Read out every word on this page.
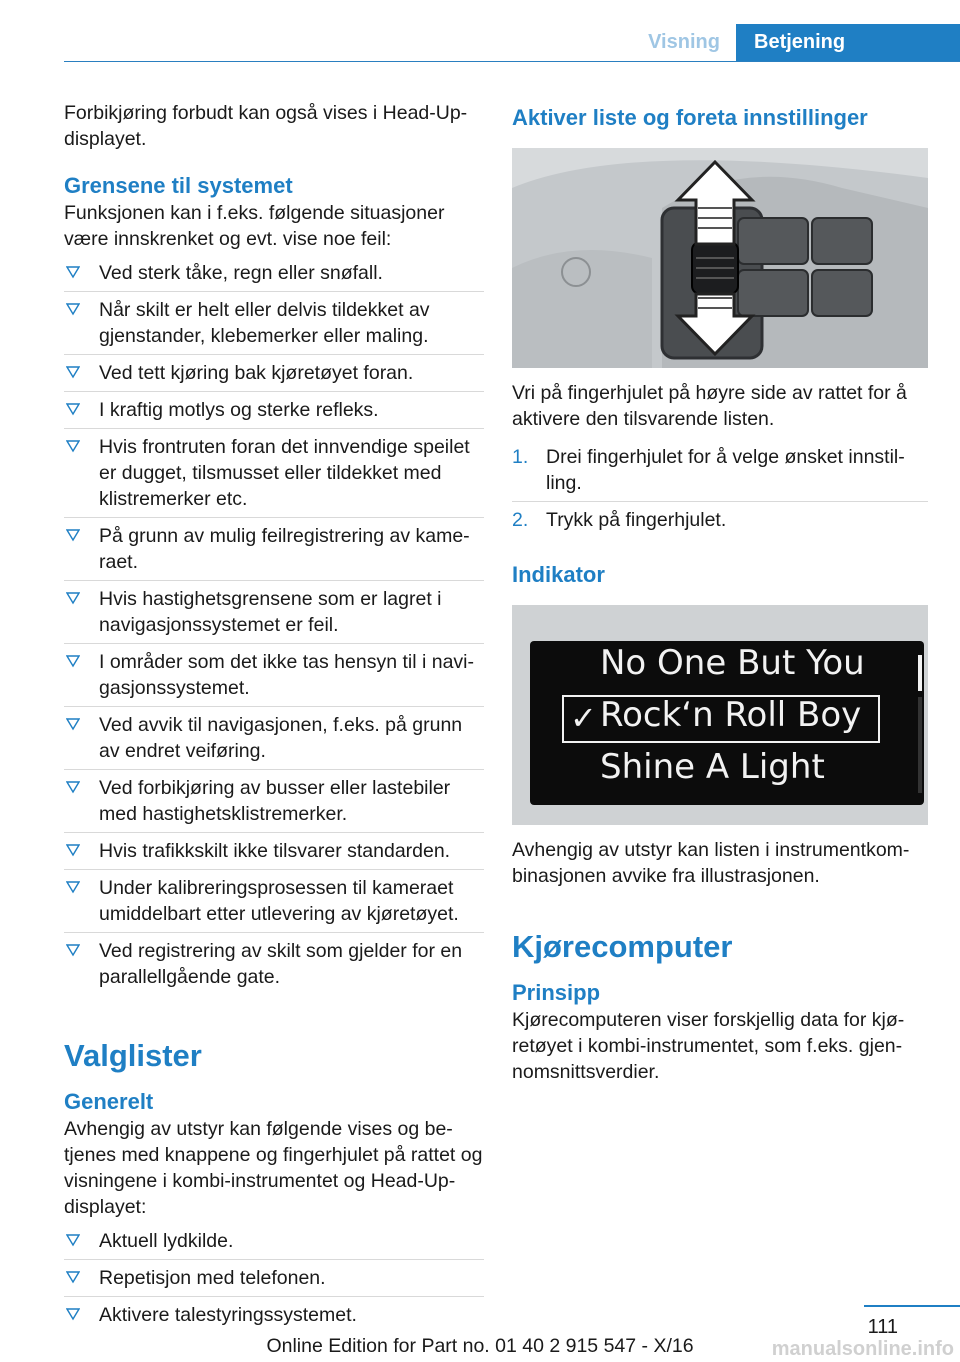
Visning	Betjening

Forbikjøring forbudt kan også vises i Head-Up-displayet.

Grensene til systemet

Funksjonen kan i f.eks. følgende situasjoner være innskrenket og evt. vise noe feil:

Ved sterk tåke, regn eller snøfall.
Når skilt er helt eller delvis tildekket av gjenstander, klebemerker eller maling.
Ved tett kjøring bak kjøretøyet foran.
I kraftig motlys og sterke refleks.
Hvis frontruten foran det innvendige speilet er dugget, tilsmusset eller tildekket med klistremerker etc.
På grunn av mulig feilregistrering av kame-raet.
Hvis hastighetsgrensene som er lagret i navigasjonssystemet er feil.
I områder som det ikke tas hensyn til i navi-gasjonssystemet.
Ved avvik til navigasjonen, f.eks. på grunn av endret veiføring.
Ved forbikjøring av busser eller lastebiler med hastighetsklistremerker.
Hvis trafikkskilt ikke tilsvarer standarden.
Under kalibreringsprosessen til kameraet umiddelbart etter utlevering av kjøretøyet.
Ved registrering av skilt som gjelder for en parallellgående gate.
Valglister
Generelt

Avhengig av utstyr kan følgende vises og be-tjenes med knappene og fingerhjulet på rattet og visningene i kombi-instrumentet og Head-Up-displayet:

Aktuell lydkilde.
Repetisjon med telefonen.
Aktivere talestyringssystemet.
Aktiver liste og foreta innstillinger

Vri på fingerhjulet på høyre side av rattet for å aktivere den tilsvarende listen.

1. Drei fingerhjulet for å velge ønsket innstil-ling.
2. Trykk på fingerhjulet.
Indikator
No One But You
✓ Rock‘n Roll Boy
Shine A Light

Avhengig av utstyr kan listen i instrumentkom-binasjonen avvike fra illustrasjonen.

Kjørecomputer
Prinsipp

Kjørecomputeren viser forskjellig data for kjø-retøyet i kombi-instrumentet, som f.eks. gjen-nomsnittsverdier.

111
Online Edition for Part no. 01 40 2 915 547 - X/16	manualsonline.info
